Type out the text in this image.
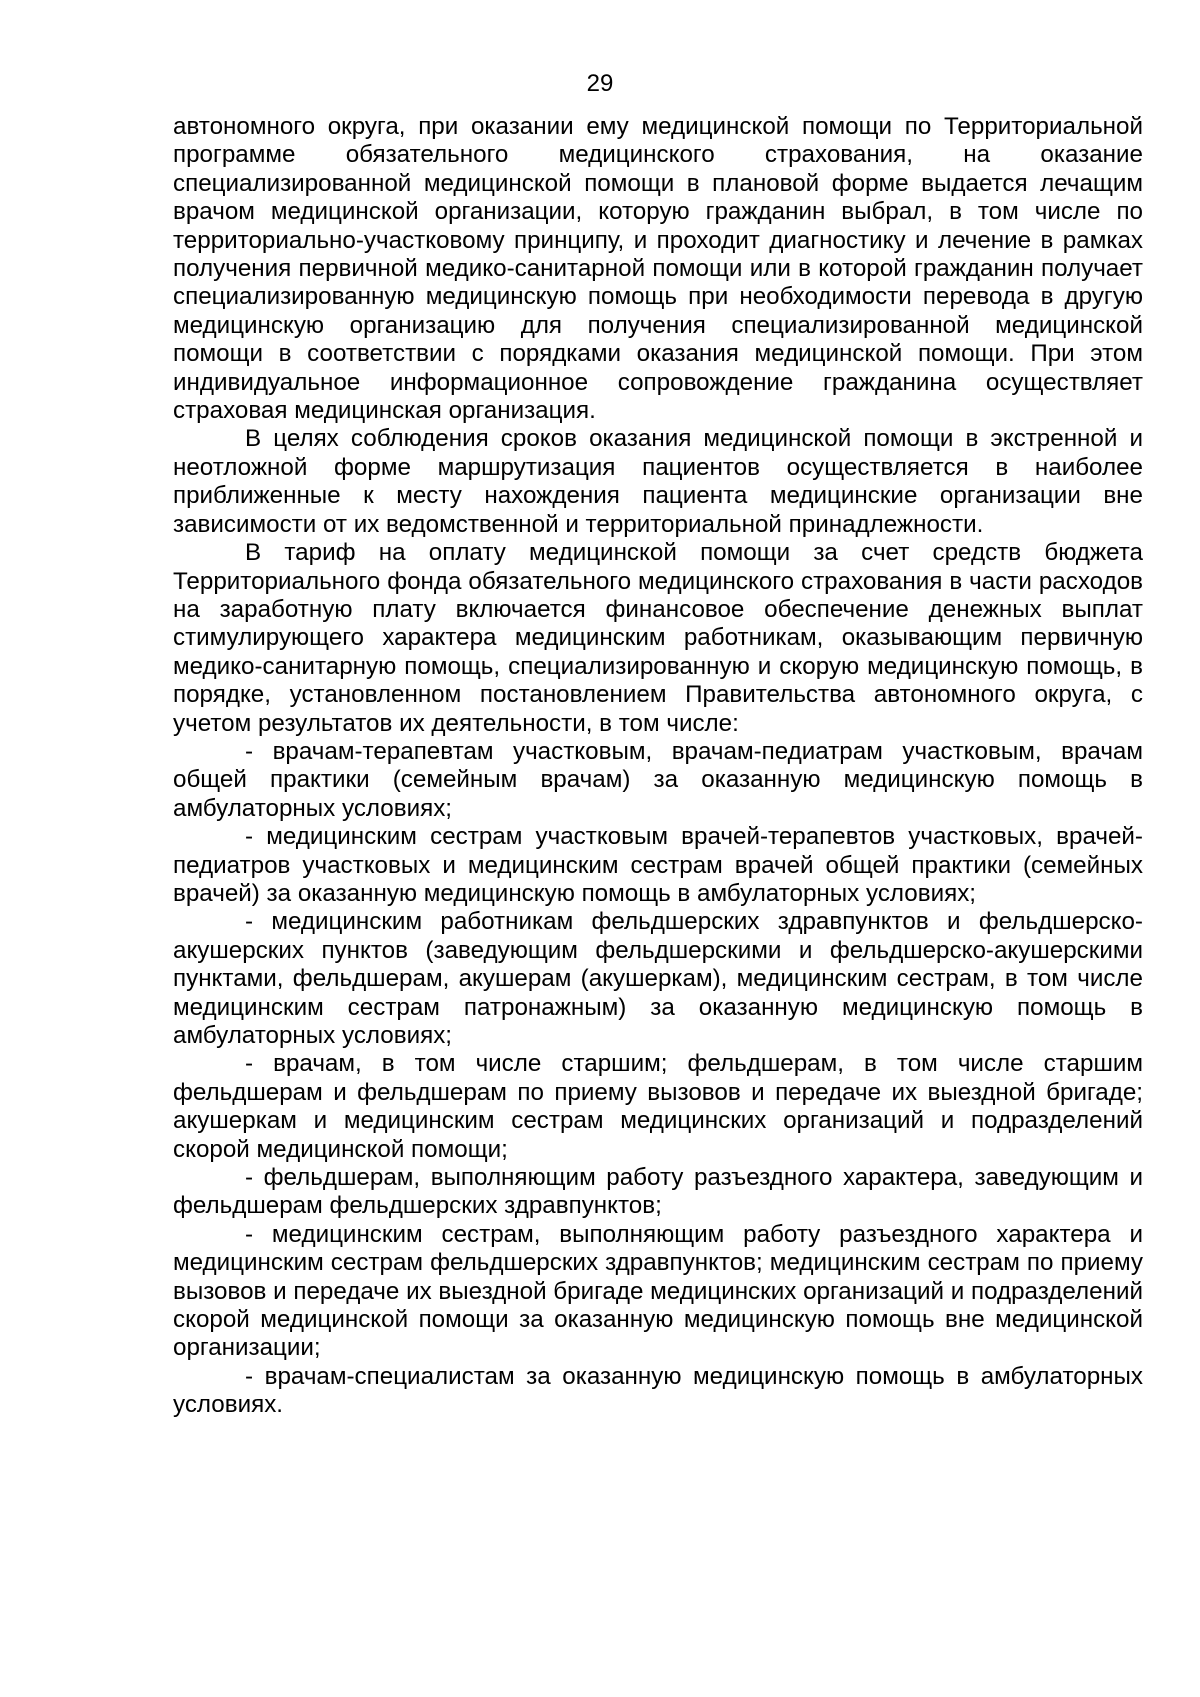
29

автономного округа, при оказании ему медицинской помощи по Территориальной программе обязательного медицинского страхования, на оказание специализированной медицинской помощи в плановой форме выдается лечащим врачом медицинской организации, которую гражданин выбрал, в том числе по территориально-участковому принципу, и проходит диагностику и лечение в рамках получения первичной медико-санитарной помощи или в которой гражданин получает специализированную медицинскую помощь при необходимости перевода в другую медицинскую организацию для получения специализированной медицинской помощи в соответствии с порядками оказания медицинской помощи. При этом индивидуальное информационное сопровождение гражданина осуществляет страховая медицинская организация.

В целях соблюдения сроков оказания медицинской помощи в экстренной и неотложной форме маршрутизация пациентов осуществляется в наиболее приближенные к месту нахождения пациента медицинские организации вне зависимости от их ведомственной и территориальной принадлежности.

В тариф на оплату медицинской помощи за счет средств бюджета Территориального фонда обязательного медицинского страхования в части расходов на заработную плату включается финансовое обеспечение денежных выплат стимулирующего характера медицинским работникам, оказывающим первичную медико-санитарную помощь, специализированную и скорую медицинскую помощь, в порядке, установленном постановлением Правительства автономного округа, с учетом результатов их деятельности, в том числе:

- врачам-терапевтам участковым, врачам-педиатрам участковым, врачам общей практики (семейным врачам) за оказанную медицинскую помощь в амбулаторных условиях;

- медицинским сестрам участковым врачей-терапевтов участковых, врачей-педиатров участковых и медицинским сестрам врачей общей практики (семейных врачей) за оказанную медицинскую помощь в амбулаторных условиях;

- медицинским работникам фельдшерских здравпунктов и фельдшерско-акушерских пунктов (заведующим фельдшерскими и фельдшерско-акушерскими пунктами, фельдшерам, акушерам (акушеркам), медицинским сестрам, в том числе медицинским сестрам патронажным) за оказанную медицинскую помощь в амбулаторных условиях;

- врачам, в том числе старшим; фельдшерам, в том числе старшим фельдшерам и фельдшерам по приему вызовов и передаче их выездной бригаде; акушеркам и медицинским сестрам медицинских организаций и подразделений скорой медицинской помощи;

- фельдшерам, выполняющим работу разъездного характера, заведующим и фельдшерам фельдшерских здравпунктов;

- медицинским сестрам, выполняющим работу разъездного характера и медицинским сестрам фельдшерских здравпунктов; медицинским сестрам по приему вызовов и передаче их выездной бригаде медицинских организаций и подразделений скорой медицинской помощи за оказанную медицинскую помощь вне медицинской организации;

- врачам-специалистам за оказанную медицинскую помощь в амбулаторных условиях.
